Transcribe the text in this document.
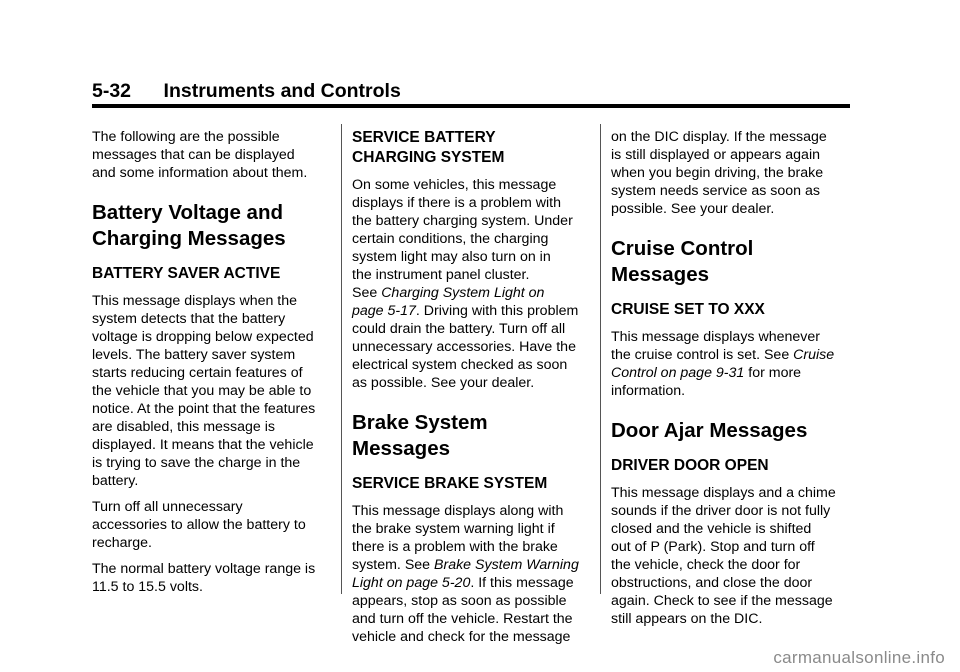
5-32 Instruments and Controls

The following are the possible
messages that can be displayed
and some information about them.

Battery Voltage and
Charging Messages
BATTERY SAVER ACTIVE

This message displays when the
system detects that the battery
voltage is dropping below expected
levels. The battery saver system
starts reducing certain features of
the vehicle that you may be able to
notice. At the point that the features
are disabled, this message is
displayed. It means that the vehicle
is trying to save the charge in the
battery.

Turn off all unnecessary
accessories to allow the battery to
recharge.

The normal battery voltage range is
11.5 to 15.5 volts.

SERVICE BATTERY
CHARGING SYSTEM

On some vehicles, this message
displays if there is a problem with
the battery charging system. Under
certain conditions, the charging
system light may also turn on in
the instrument panel cluster.
See Charging System Light on
page 5-17. Driving with this problem
could drain the battery. Turn off all
unnecessary accessories. Have the
electrical system checked as soon
as possible. See your dealer.

Brake System Messages
SERVICE BRAKE SYSTEM

This message displays along with
the brake system warning light if
there is a problem with the brake
system. See Brake System Warning
Light on page 5-20. If this message
appears, stop as soon as possible
and turn off the vehicle. Restart the
vehicle and check for the message

on the DIC display. If the message
is still displayed or appears again
when you begin driving, the brake
system needs service as soon as
possible. See your dealer.

Cruise Control Messages
CRUISE SET TO XXX

This message displays whenever
the cruise control is set. See Cruise
Control on page 9-31 for more
information.

Door Ajar Messages
DRIVER DOOR OPEN

This message displays and a chime
sounds if the driver door is not fully
closed and the vehicle is shifted
out of P (Park). Stop and turn off
the vehicle, check the door for
obstructions, and close the door
again. Check to see if the message
still appears on the DIC.

carmanualsonline.info
